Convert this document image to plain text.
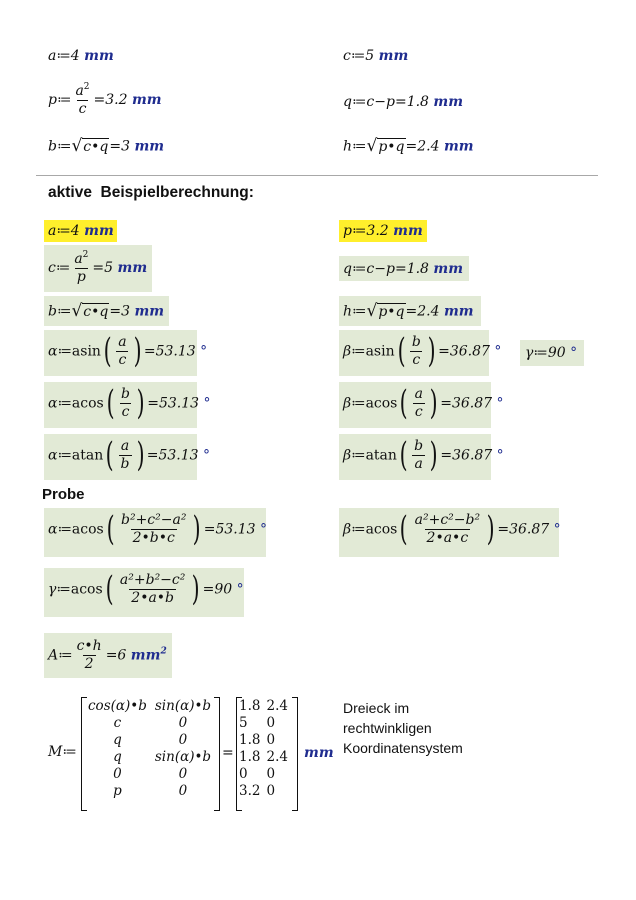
a≔4 mm	c≔5 mm
p≔ $\frac{a^2}{c} =3.2$ mm	q≔c−p=1.8 mm
b≔ √ c•q =3 mm	h≔ √ p•q =2.4 mm
aktive  Beispielberechnung:
a≔4 mm	p≔3.2 mm
c≔ $\frac{a^2}{p} =5$ mm	q≔c−p=1.8 mm
b≔ √ c•q =3 mm	h≔ √ p•q =2.4 mm
α≔asin( $\frac{a}{c}$ ) =53.13 °	β≔asin( $\frac{b}{c}$ ) =36.87 ° γ≔90 °
α≔acos( $\frac{b}{c}$ ) =53.13 °	β≔acos( $\frac{a}{c}$ ) =36.87 °
α≔atan( $\frac{a}{b}$ ) =53.13 °	β≔atan( $\frac{b}{a}$ ) =36.87 °
Probe
α≔acos( $\frac{\text{b²+c²−a²}}{2•b•c}$ ) =53.13 °	β≔acos( $\frac{\text{a²+c²−b²}}{2•a•c}$ ) =36.87 °
γ≔acos( $\frac{\text{a²+b²−c²}}{2•a•b}$ ) =90 °
A≔ $\frac{c•h}{2} =6$ $mm^2$
M≔
cos(α)•b	sin(α)•b
c	0
q	0
q	sin(α)•b
0	0
p	0
=
1.8	2.4
5	0
1.8	0
1.8	2.4
0	0
3.2	0
mm
Dreieck im
rechtwinkligen
Koordinatensystem
